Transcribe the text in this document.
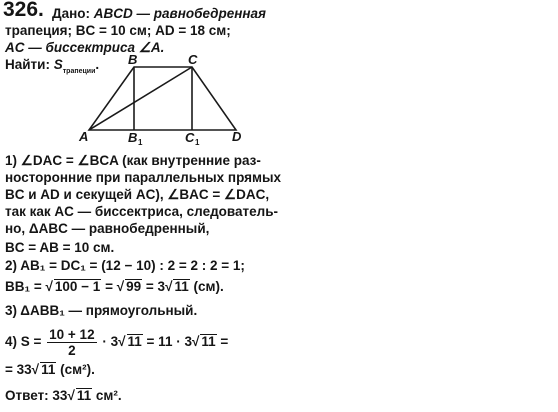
326. Дано: ABCD — равнобедренная
трапеция; BC = 10 см; AD = 18 см;
AC — биссектриса ∠A.
Найти: $S_{трапеции}$. B	C
A	D
B	C
1	1
1) ∠DAC = ∠BCA (как внутренние раз-
носторонние при параллельных прямых
BC и AD и секущей AC), ∠BAC = ∠DAC,
так как AC — биссектриса, следователь-
но, ΔABC — равнобедренный,
BC = AB = 10 см.
2) AB₁ = DC₁ = (12 − 10) : 2 = 2 : 2 = 1;
BB₁ = √ 100 − 1 = √ 99 = 3√ 11 (см).
3) ΔABB₁ — прямоугольный.
4) $S = \frac{10 + 12}{2} \cdot 3√$ 11 = 11 · 3√ 11 =
= 33√ 11 (см²).
Ответ: 33√ 11 см².
